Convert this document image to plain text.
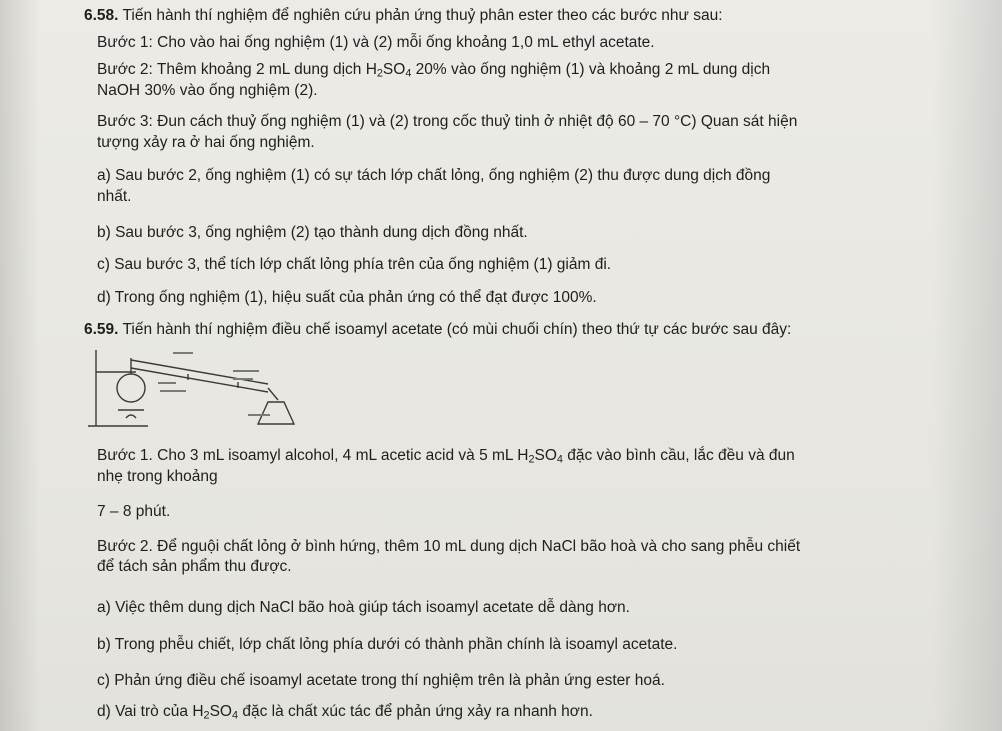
6.58. Tiến hành thí nghiệm để nghiên cứu phản ứng thuỷ phân ester theo các bước như sau:
Bước 1: Cho vào hai ống nghiệm (1) và (2) mỗi ống khoảng 1,0 mL ethyl acetate.
Bước 2: Thêm khoảng 2 mL dung dịch $H_2SO_4$ 20% vào ống nghiệm (1) và khoảng 2 mL dung dịch
NaOH 30% vào ống nghiệm (2).
Bước 3: Đun cách thuỷ ống nghiệm (1) và (2) trong cốc thuỷ tinh ở nhiệt độ 60 – 70 °C) Quan sát hiện
tượng xảy ra ở hai ống nghiệm.
a) Sau bước 2, ống nghiệm (1) có sự tách lớp chất lỏng, ống nghiệm (2) thu được dung dịch đồng
nhất.
b) Sau bước 3, ống nghiệm (2) tạo thành dung dịch đồng nhất.
c) Sau bước 3, thể tích lớp chất lỏng phía trên của ống nghiệm (1) giảm đi.
d) Trong ống nghiệm (1), hiệu suất của phản ứng có thể đạt được 100%.
6.59. Tiến hành thí nghiệm điều chế isoamyl acetate (có mùi chuối chín) theo thứ tự các bước sau đây:
Bước 1. Cho 3 mL isoamyl alcohol, 4 mL acetic acid và 5 mL $H_2SO_4$ đặc vào bình cầu, lắc đều và đun
nhẹ trong khoảng
7 – 8 phút.
Bước 2. Để nguội chất lỏng ở bình hứng, thêm 10 mL dung dịch NaCl bão hoà và cho sang phễu chiết
để tách sản phẩm thu được.
a) Việc thêm dung dịch NaCl bão hoà giúp tách isoamyl acetate dễ dàng hơn.
b) Trong phễu chiết, lớp chất lỏng phía dưới có thành phần chính là isoamyl acetate.
c) Phản ứng điều chế isoamyl acetate trong thí nghiệm trên là phản ứng ester hoá.
d) Vai trò của $H_2SO_4$ đặc là chất xúc tác để phản ứng xảy ra nhanh hơn.
